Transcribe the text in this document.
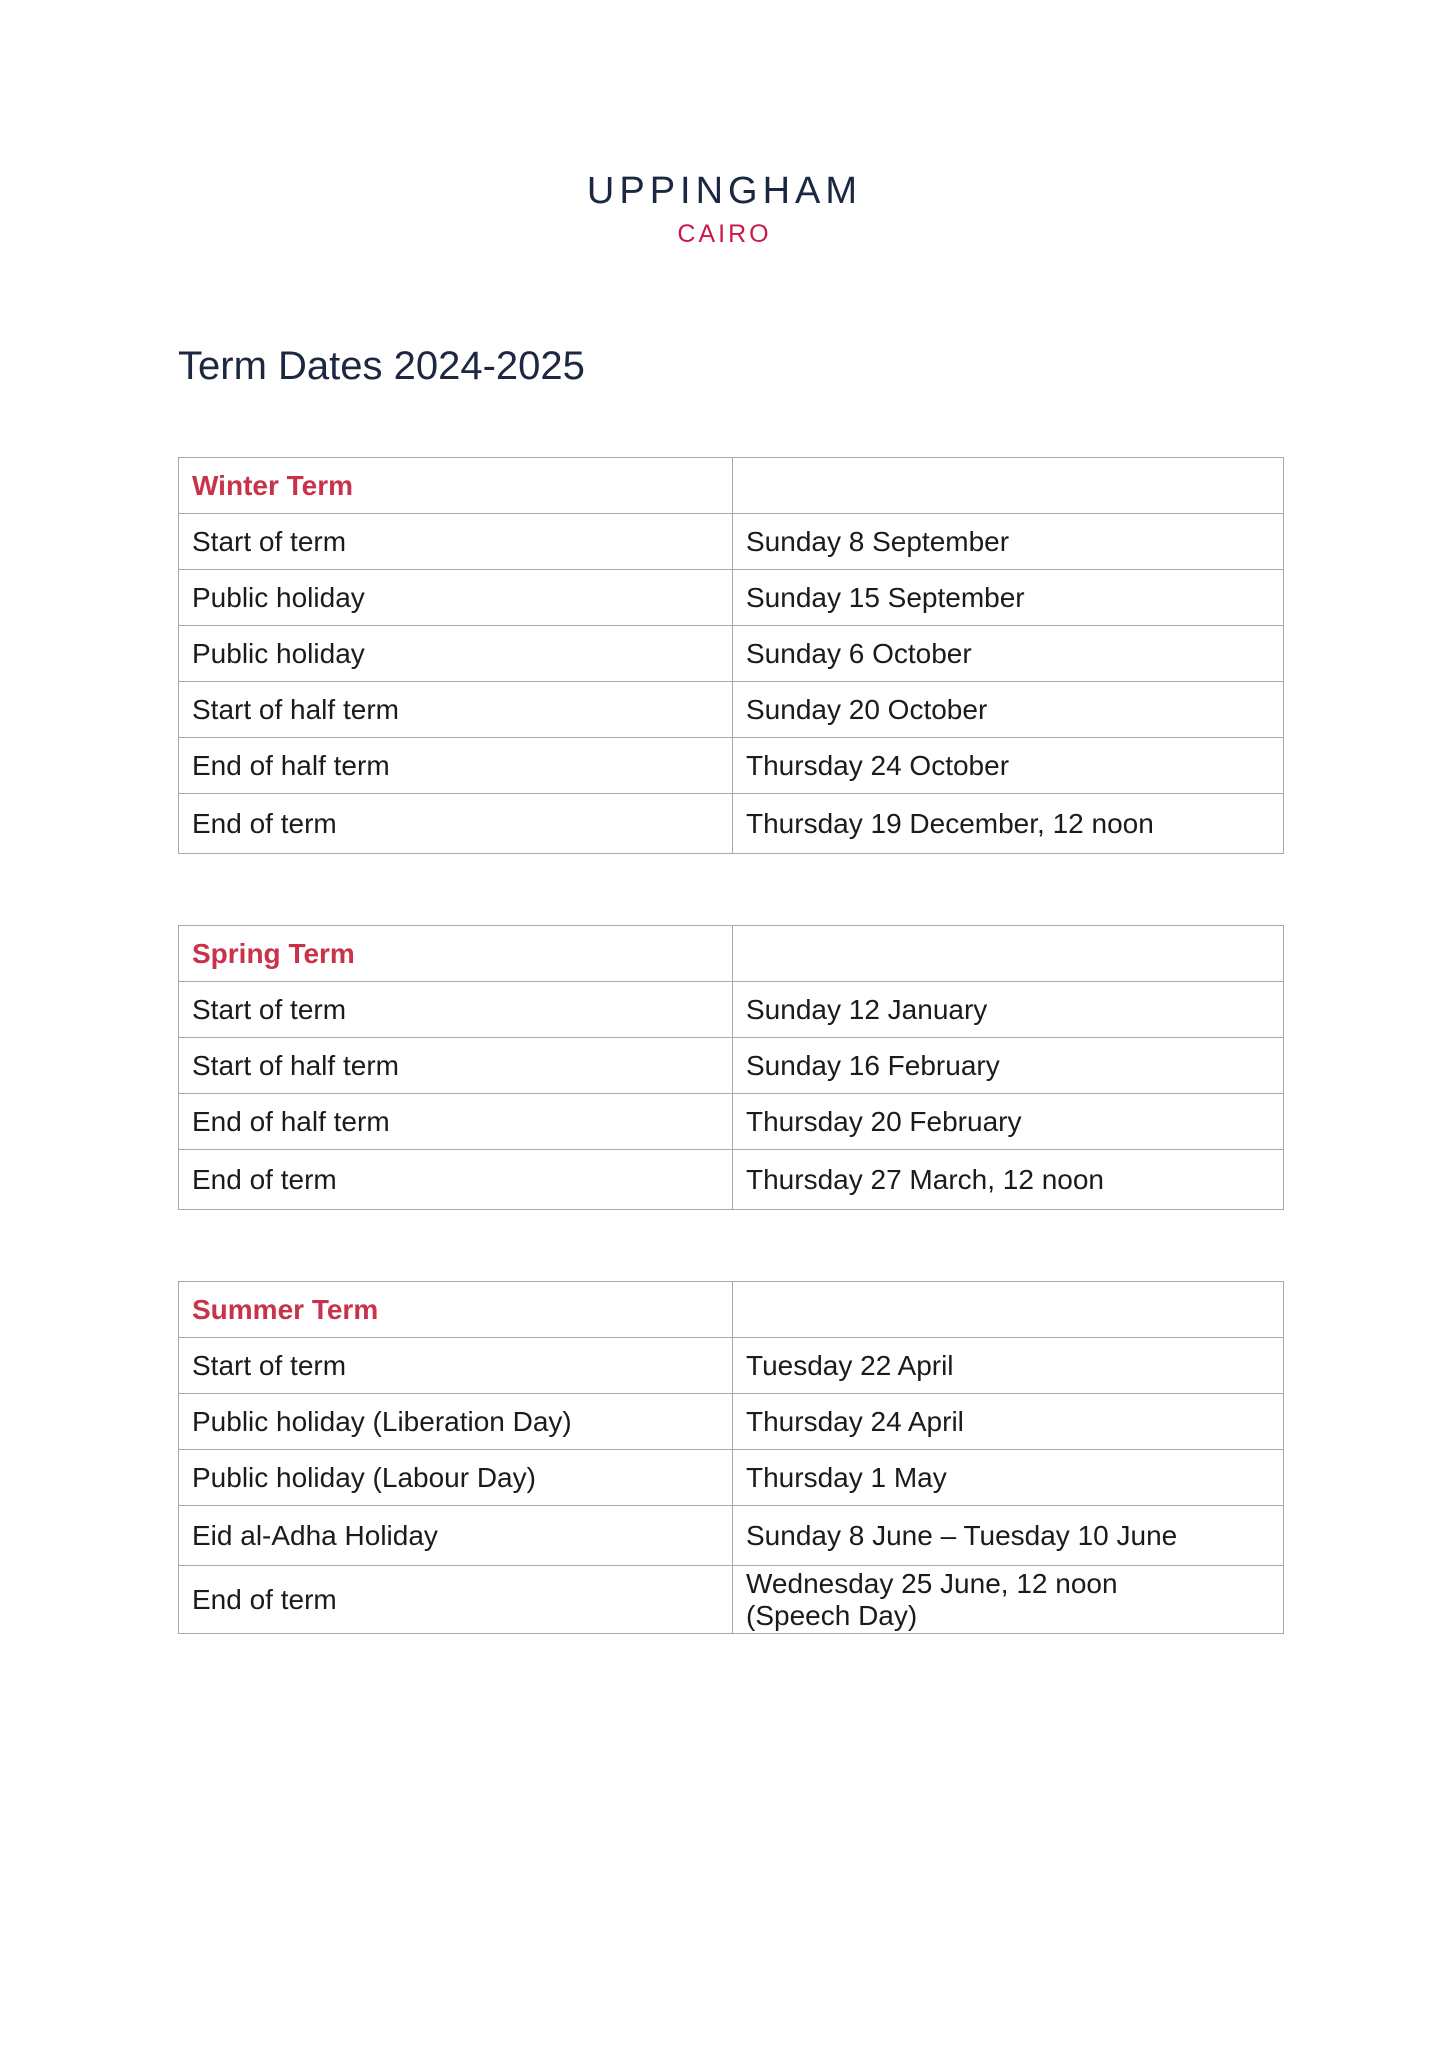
UPPINGHAM
CAIRO
Term Dates 2024-2025
Winter Term	
Start of term	Sunday 8 September
Public holiday	Sunday 15 September
Public holiday	Sunday 6 October
Start of half term	Sunday 20 October
End of half term	Thursday 24 October
End of term	Thursday 19 December, 12 noon
Spring Term	
Start of term	Sunday 12 January
Start of half term	Sunday 16 February
End of half term	Thursday 20 February
End of term	Thursday 27 March, 12 noon
Summer Term	
Start of term	Tuesday 22 April
Public holiday (Liberation Day)	Thursday 24 April
Public holiday (Labour Day)	Thursday 1 May
Eid al-Adha Holiday	Sunday 8 June – Tuesday 10 June
End of term	Wednesday 25 June, 12 noon
(Speech Day)
